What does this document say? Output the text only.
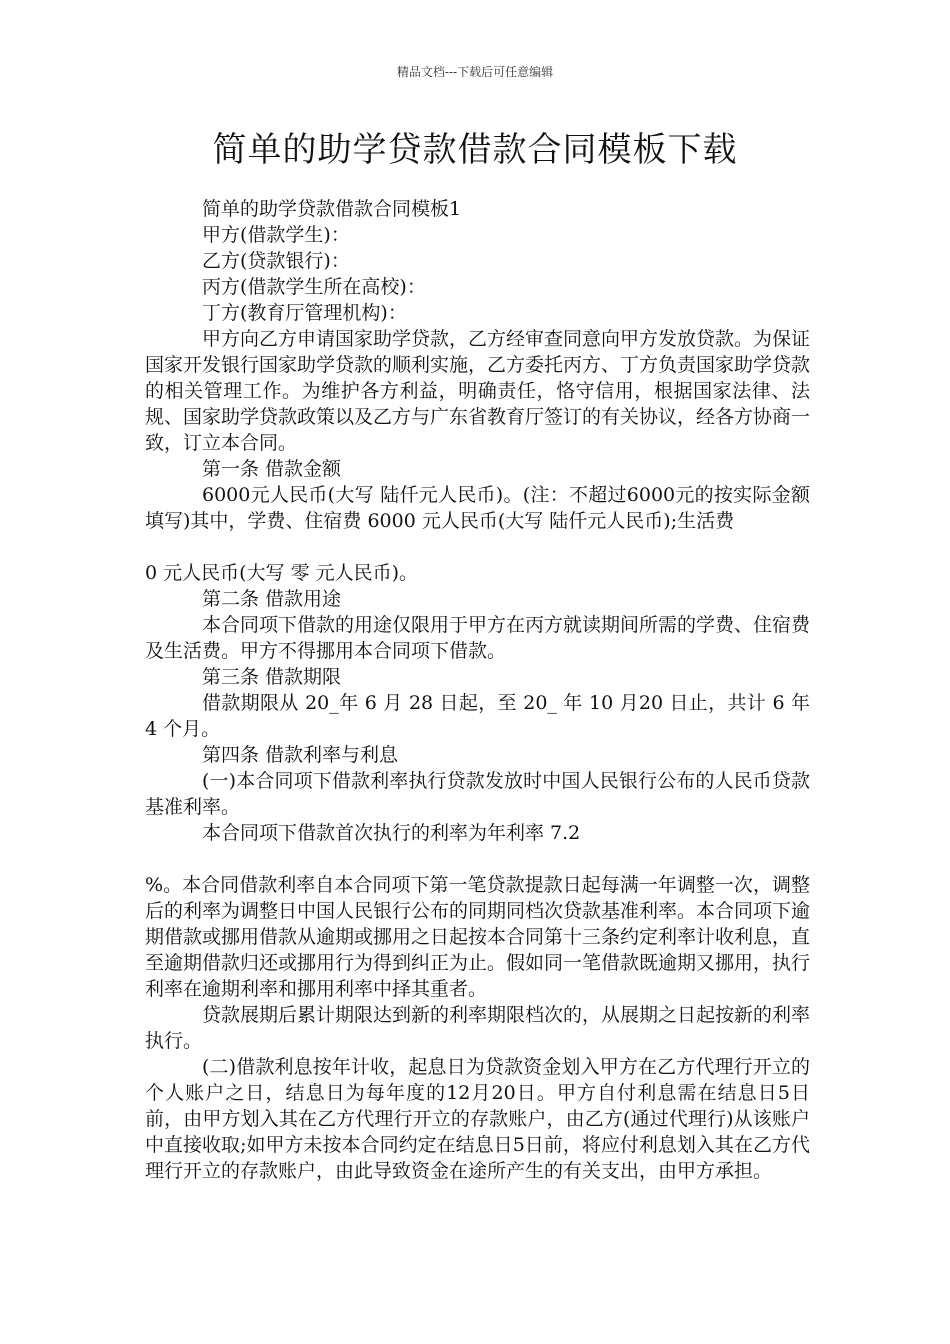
精品文档---下载后可任意编辑
简单的助学贷款借款合同模板下载

简单的助学贷款借款合同模板1

甲方(借款学生)：

乙方(贷款银行)：

丙方(借款学生所在高校)：

丁方(教育厅管理机构)：

甲方向乙方申请国家助学贷款，乙方经审查同意向甲方发放贷款。为保证国家开发银行国家助学贷款的顺利实施，乙方委托丙方、丁方负责国家助学贷款的相关管理工作。为维护各方利益，明确责任，恪守信用，根据国家法律、法规、国家助学贷款政策以及乙方与广东省教育厅签订的有关协议，经各方协商一致，订立本合同。

第一条 借款金额

6000元人民币(大写 陆仟元人民币)。(注：不超过6000元的按实际金额填写)其中，学费、住宿费 6000 元人民币(大写 陆仟元人民币);生活费

0 元人民币(大写 零 元人民币)。

第二条 借款用途

本合同项下借款的用途仅限用于甲方在丙方就读期间所需的学费、住宿费及生活费。甲方不得挪用本合同项下借款。

第三条 借款期限

借款期限从 20_年 6 月 28 日起，至 20_ 年 10 月20 日止，共计 6 年 4 个月。

第四条 借款利率与利息

(一)本合同项下借款利率执行贷款发放时中国人民银行公布的人民币贷款基准利率。

本合同项下借款首次执行的利率为年利率 7.2

%。本合同借款利率自本合同项下第一笔贷款提款日起每满一年调整一次，调整后的利率为调整日中国人民银行公布的同期同档次贷款基准利率。本合同项下逾期借款或挪用借款从逾期或挪用之日起按本合同第十三条约定利率计收利息，直至逾期借款归还或挪用行为得到纠正为止。假如同一笔借款既逾期又挪用，执行利率在逾期利率和挪用利率中择其重者。

贷款展期后累计期限达到新的利率期限档次的，从展期之日起按新的利率执行。

(二)借款利息按年计收，起息日为贷款资金划入甲方在乙方代理行开立的个人账户之日，结息日为每年度的12月20日。甲方自付利息需在结息日5日前，由甲方划入其在乙方代理行开立的存款账户，由乙方(通过代理行)从该账户中直接收取;如甲方未按本合同约定在结息日5日前，将应付利息划入其在乙方代理行开立的存款账户，由此导致资金在途所产生的有关支出，由甲方承担。
